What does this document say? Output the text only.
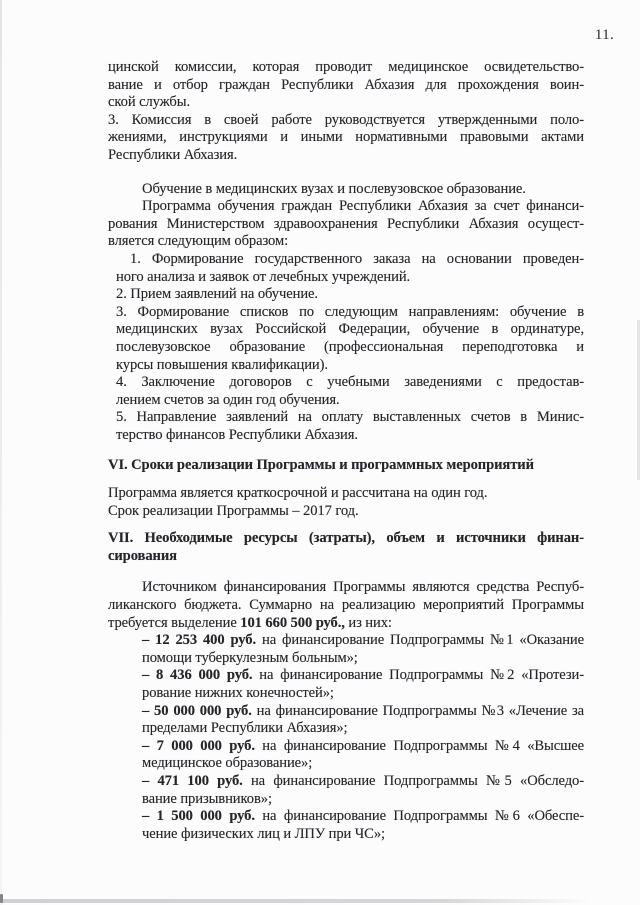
11.
цинской комиссии, которая проводит медицинское освидетельство-
вание и отбор граждан Республики Абхазия для прохождения воин-
ской службы.
3. Комиссия в своей работе руководствуется утвержденными поло-
жениями, инструкциями и иными нормативными правовыми актами
Республики Абхазия.
Обучение в медицинских вузах и послевузовское образование.
Программа обучения граждан Республики Абхазия за счет финанси-
рования Министерством здравоохранения Республики Абхазия осущест-
вляется следующим образом:
1. Формирование государственного заказа на основании проведен-
ного анализа и заявок от лечебных учреждений.
2. Прием заявлений на обучение.
3. Формирование списков по следующим направлениям: обучение в
медицинских вузах Российской Федерации, обучение в ординатуре,
послевузовское образование (профессиональная переподготовка и
курсы повышения квалификации).
4. Заключение договоров с учебными заведениями с предостав-
лением счетов за один год обучения.
5. Направление заявлений на оплату выставленных счетов в Минис-
терство финансов Республики Абхазия.
VI. Сроки реализации Программы и программных мероприятий
Программа является краткосрочной и рассчитана на один год.
Срок реализации Программы – 2017 год.
VII. Необходимые ресурсы (затраты), объем и источники финан-
сирования
Источником финансирования Программы являются средства Респуб-
ликанского бюджета. Суммарно на реализацию мероприятий Программы
требуется выделение 101 660 500 руб., из них:
– 12 253 400 руб. на финансирование Подпрограммы №1 «Оказание
помощи туберкулезным больным»;
– 8 436 000 руб. на финансирование Подпрограммы №2 «Протези-
рование нижних конечностей»;
– 50 000 000 руб. на финансирование Подпрограммы №3 «Лечение за
пределами Республики Абхазия»;
– 7 000 000 руб. на финансирование Подпрограммы №4 «Высшее
медицинское образование»;
– 471 100 руб. на финансирование Подпрограммы №5 «Обследо-
вание призывников»;
– 1 500 000 руб. на финансирование Подпрограммы №6 «Обеспе-
чение физических лиц и ЛПУ при ЧС»;
